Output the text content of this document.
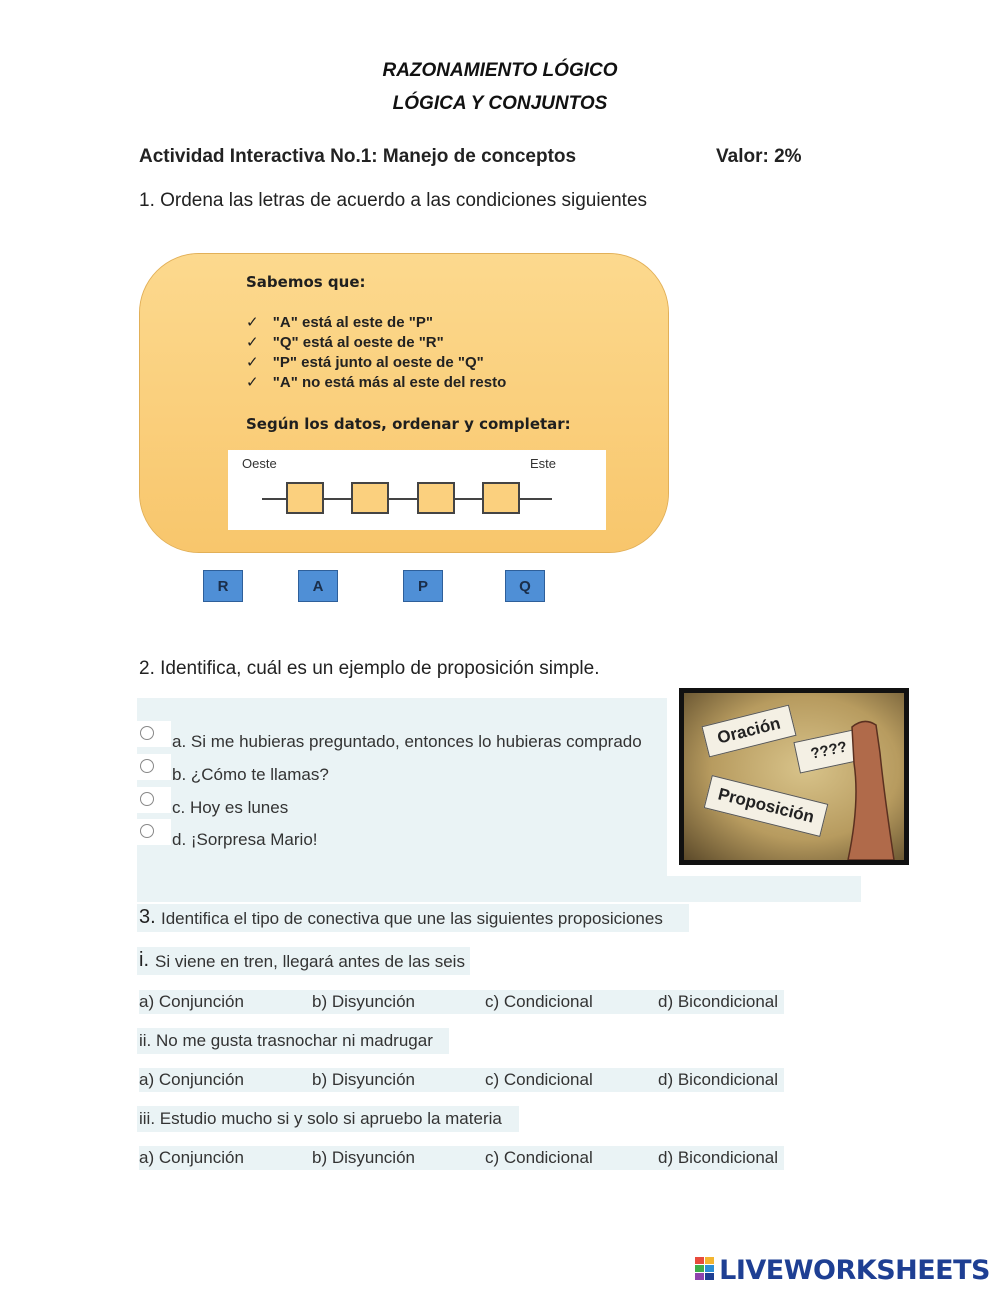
RAZONAMIENTO LÓGICO
LÓGICA Y CONJUNTOS
Actividad Interactiva No.1: Manejo de conceptos	Valor: 2%
1. Ordena las letras de acuerdo a las condiciones siguientes
Sabemos que:
✓ "A" está al este de "P"
✓ "Q" está al oeste de "R"
✓ "P" está junto al oeste de "Q"
✓ "A" no está más al este del resto
Según los datos, ordenar y completar:
Oeste	Este
R	A	P	Q
2. Identifica, cuál es un ejemplo de proposición simple.
a. Si me hubieras preguntado, entonces lo hubieras comprado
b. ¿Cómo te llamas?
c. Hoy es lunes
d. ¡Sorpresa Mario!
Oración
????
Proposición
3. Identifica el tipo de conectiva que une las siguientes proposiciones
i. Si viene en tren, llegará antes de las seis
a) Conjunción	b) Disyunción	c) Condicional	d) Bicondicional
ii. No me gusta trasnochar ni madrugar
a) Conjunción	b) Disyunción	c) Condicional	d) Bicondicional
iii. Estudio mucho si y solo si apruebo la materia
a) Conjunción	b) Disyunción	c) Condicional	d) Bicondicional
LIVEWORKSHEETS
